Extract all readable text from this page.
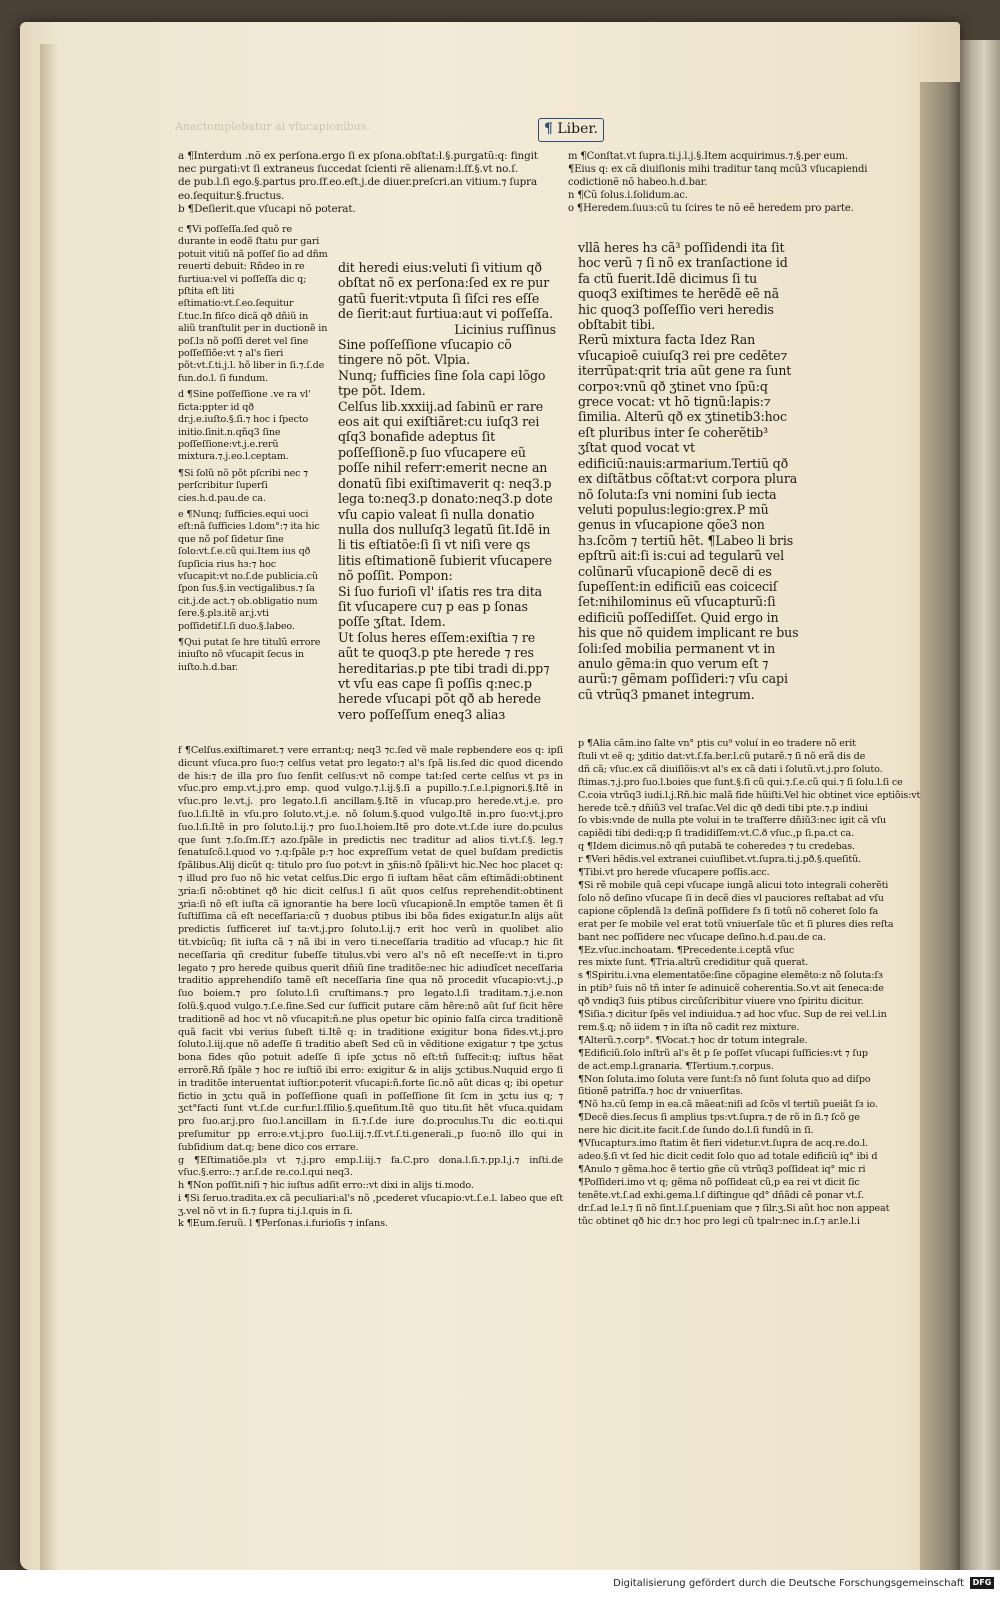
Anactomplebatur ai vfucapionibus.	¶ Liber.

a ¶Interdum .nõ ex perſona.ergo ſi ex pſona.obſtat:l.§.purgatũ:q: fingit

nec purgati:vt ſi extraneus ſuccedat ſcienti rẽ alienam:l.ſf.§.vt no.ſ.

de pub.l.ſi ego.§.partus pro.ſf.eo.eſt.j.de diuer.preſcri.an vitium.⁊ ſupra

eo.ſequitur.§.fructus.

b ¶Deſierit.que vſucapi nõ poterat.

c ¶Vi poſſeſſa.ſed quõ re durante in eodẽ ſtatu pur gari potuit vitiũ nã poſſeſ ſio ad dñm reuerti debuit: Rñdeo in re furtiua:vel vi poſſeſſa dic q; pſtita eſt liti eſtimatio:vt.ſ.eo.ſequitur ſ.tuc.In fiſco dicã qð dñiũ in aliũ tranſtulit per in ductionẽ in poſ.lз nõ poſſi deret vel ſine poſſeſſiõe:vt ⁊ al's ſieri põt:vt.ſ.ti.j.l. hõ liber in ſi.⁊.ſ.de fun.do.l. ſi fundum.

d ¶Sine poſſeſſione .ve ra vl' ficta:ppter id qð dr.j.e.iuſto.§.ſi.⁊ hoc i ſpecto initio.ſinit.n.qñq3 ſine poſſeſſione:vt.j.e.rerũ mixtura.⁊.j.eo.l.ceptam.

¶Si ſolũ nõ põt pſcribi nec ⁊ perſcribitur ſuperſi cies.h.d.pau.de ca.

e ¶Nunq; ſufficies.equi uoci eſt:nã ſufficies l.dom°:⁊ ita hic que nõ poſ ſidetur ſine ſolo:vt.ſ.e.cũ qui.Item ius qð ſupſicia rius hз:⁊ hoc vſucapit:vt no.ſ.de publicia.cũ ſpon ſus.§.in vectigalibus.⁊ ſa cit.j.de act.⁊ ob.obligatio num ſere.§.plз.itẽ ar.j.vti poſſidetif.l.ſi duo.§.labeo.

¶Qui putat ſe hre titulũ errore iniuſto nõ vſucapit ſecus in iuſto.h.d.bar.

dit heredi eius:veluti ſi vitium qð obſtat nõ ex perſona:ſed ex re pur gatũ fuerit:vtputa ſi ſiſci res eſſe de ſierit:aut furtiua:aut vi poſſeſſa.

Licinius ruſſinus

Sine poſſeſſione vſucapio cõ tingere nõ põt. Vlpia.

Nunq; ſufficies ſine ſola capi lõgo tpe põt. Idem.

Celſus lib.xxxiij.ad ſabinũ er rare eos ait qui exiſtiãret:cu iuſq3 rei qſq3 bonafide adeptus ſit poſſeſſionẽ.p ſuo vſucapere eũ poſſe nihil referr:emerit necne an donatũ ſibi exiſtimaverit q: neq3.p lega to:neq3.p donato:neq3.p dote vſu capio valeat ſi nulla donatio nulla dos nulluſq3 legatũ ſit.Idẽ in li tis eſtiatõe:ſi ſi vt niſi vere qs litis eſtimationẽ ſubierit vſucapere nõ poſſit. Pompon:

Si ſuo furioſi vl' iſatis res tra dita ſit vſucapere cu⁊ p eas p ſonas poſſe ʒſtat. Idem.

Ut ſolus heres eſſem:exiſtia ⁊ re aũt te quoq3.p pte herede ⁊ res hereditarias.p pte tibi tradi di.pp⁊ vt vſu eas cape ſi poſſis q:nec.p herede vſucapi põt qð ab herede vero poſſeſſum eneq3 aliaз

f ¶Celſus.exiſtimaret.⁊ vere errant:q; neq3 ⁊c.ſed vẽ male repbendere eos q: ipſi dicunt vſuca.pro ſuo:⁊ celſus vetat pro legato:⁊ al's ſpã lis.ſed dic quod dicendo de his:⁊ de illa pro ſuo ſenſit celſus:vt nõ compe tat:ſed certe celſus vt pз in vſuc.pro emp.vt.j.pro emp. quod vulgo.⁊.l.ij.§.ſi a pupillo.⁊.ſ.e.l.pignori.§.Itẽ in vſuc.pro le.vt.j. pro legato.l.ſi ancillam.§.Itẽ in vſucap.pro herede.vt.j.e. pro ſuo.l.ſi.Itẽ in vſu.pro ſoluto.vt.j.e. nõ ſolum.§.quod vulgo.Itẽ in.pro ſuo:vt.j.pro ſuo.l.ſi.Itẽ in pro ſoluto.l.ij.⁊ pro ſuo.l.hoiem.Itẽ pro dote.vt.ſ.de iure do.pculus que ſunt ⁊.ſo.ſm.ſf.⁊ azo.ſpãle in predictis nec traditur ad alios ti.vt.ſ.§. leg.⁊ ſenatuſcõ.l.quod vo ⁊.q:ſpãle p:⁊ hoc expreſſum vetat de quel buſdam predictis ſpãlibus.Alij dicũt q: titulo pro ſuo pot:vt in ʒñis:nõ ſpãli:vt hic.Nec hoc placet q: ⁊ illud pro ſuo nõ hic vetat celſus.Dic ergo ſi iuſtam hẽat cãm eſtimãdi:obtinent ʒria:ſi nõ:obtinet qð hic dicit celſus.l ſi aũt quos celſus reprehendit:obtinent ʒria:ſi nõ eſt iuſta cã ignorantie ha bere locũ vſucapionẽ.In emptõe tamen ẽt ſi ſuſtiſſima cã eſt neceſſaria:cũ ⁊ duobus ptibus ibi bõa fides exigatur.In alijs aũt predictis ſufficeret iuſ ta:vt.j.pro ſoluto.l.ij.⁊ erit hoc verũ in quolibet alio tit.vbicũq; ſit iuſta cã ⁊ nã ibi in vero ti.neceſſaria traditio ad vſucap.⁊ hic ſit neceſſaria qñ creditur ſubeſſe titulus.vbi vero al's nõ eſt neceſſe:vt in ti.pro legato ⁊ pro herede quibus querit dñiũ ſine traditõe:nec hic adiudĩcet neceſſaria traditio apprehendiſo tamẽ eſt neceſſaria ſine qua nõ procedit vſucapio:vt.j.,p ſuo boiem.⁊ pro ſoluto.l.ſi cruſtimans.⁊ pro legato.l.ſi traditam.⁊.j.e.non ſolũ.§.quod vulgo.⁊.ſ.e.ſine.Sed cur ſufficit putare cãm hẽre:nõ aũt ſuf ſicit hẽre traditionẽ ad hoc vt nõ vſucapit:ñ.ne plus opetur bic opinio falſa circa traditionẽ quã facit vbi verius ſubeſt ti.Itẽ q: in traditione exigitur bona fides.vt.j.pro ſoluto.l.iij.que nõ adeſſe ſi traditio abeſt Sed cũ in vẽditione exigatur ⁊ tpe ʒctus bona fides qũo potuit adeſſe ſi ipſe ʒctus nõ eſt:tñ ſuſfecit:q; iuſtus hẽat errorẽ.Rñ ſpãle ⁊ hoc re iuſtiõ ibi erro: exigitur & in alijs ʒctibus.Nuquid ergo ſi in traditõe interuentat iuſtior.poterit vſucapi:ñ.forte ſic.nõ aũt dicas q; ibi opetur fictio in ʒctu quã in poſſeſſione quaſi in poſſeſſione ſit ſcm in ʒctu ius q; ⁊ ʒct°facti ſunt vt.ſ.de cur.fur.l.ſſilio.§.queſitum.Itẽ quo titu.ſit hẽt vſuca.quidam pro ſuo.ar.j.pro ſuo.l.ancillam in ſi.⁊.ſ.de iure do.proculus.Tu dic eo.ti.qui preſumitur pp erro:e.vt.j.pro ſuo.l.iij.⁊.ſſ.vt.ſ.ti.generali.,p ſuo:nõ illo qui in ſubſidium dat.q; bene dico cos errare.

g ¶Eſtimatiõe.plз vt ⁊.j.pro emp.l.iij.⁊ fa.C.pro dona.l.ſi.⁊.pp.l.j.⁊ inſti.de vſuc.§.erro:.⁊ ar.ſ.de re.co.l.qui neq3.

h ¶Non poſſit.niſi ⁊ hic iuſtus adſit erro::vt dixi in alijs ti.modo.

i ¶Si ſeruo.tradita.ex cã peculiari:al's nõ ,pcederet vſucapio:vt.ſ.e.l. labeo que eſt ʒ.vel nõ vt in ſi.⁊ ſupra ti.j.l.quis in ſi.

k ¶Eum.ſeruũ. l ¶Perſonas.i.furioſis ⁊ inſans.

m ¶Conſtat.vt ſupra.ti.j.l.j.§.Item acquirimus.⁊.§.per eum.

¶Eius q: ex cã diuiſionis mihi traditur tanq mcũ3 vſucapiendi

codictionẽ nõ habeo.h.d.bar.

n ¶Cũ ſolus.i.ſolidum.ac.

o ¶Heredem.ſuuз:cũ tu ſcires te nõ eẽ heredem pro parte.

vllã heres hз cã³ poſſidendi ita ſit hoc verũ ⁊ ſi nõ ex tranſactione id fa ctũ fuerit.Idẽ dicimus ſi tu quoq3 exiſtimes te herẽdẽ eẽ nã hic quoq3 poſſeſſio veri heredis obſtabit tibi.

Rerũ mixtura facta Idez Ran vſucapioẽ cuiuſq3 rei pre cedẽte⁊ iterrũpat:qrit tria aũt gene ra ſunt corpoꝛ:vnũ qð ʒtinet vno ſpũ:q grece vocat: vt hõ tignũ:lapis:⁊ ſimilia. Alterũ qð ex ʒtinetib3:hoc eſt pluribus inter ſe coherẽtib³ ʒſtat quod vocat vt edificiũ:nauis:armarium.Tertiũ qð ex diſtãtbus cõſtat:vt corpora plura nõ ſoluta:ſз vni nomini ſub iecta veluti populus:legio:grex.P mũ genus in vſucapione qõe3 non hз.ſcõm ⁊ tertiũ hẽt. ¶Labeo li bris epſtrũ ait:ſi is:cui ad tegularũ vel colũnarũ vſucapionẽ decẽ di es ſupeſſent:in edificiũ eas coiceciſ ſet:nihilominus eũ vſucapturũ:ſi edificiũ poſſediſſet. Quid ergo in his que nõ quidem implicant re bus ſoli:ſed mobilia permanent vt in anulo gẽma:in quo verum eſt ⁊ aurũ:⁊ gẽmam poſſideri:⁊ vſu capi cũ vtrũq3 pmanet integrum.

p ¶Alia cãm.ino ſalte vn° ptis cu⁹ voluí in eo tradere nõ erit

ſtuli vt eẽ q; ʒditio dat:vt.ſ.fa.ber.l.cũ putarẽ.⁊ ſi nõ erã dis de

dñ cã; vſuc.ex cã diuiſiõis:vt al's ex cã dati i ſolutũ.vt.j.pro ſoluto.

ſtimas.⁊.j.pro ſuo.l.boies que ſunt.§.ſi cũ qui.⁊.ſ.e.cũ qui.⁊ ſi ſolu.l.ſi ce

C.coia vtrũq3 iudi.l.j.Rñ.hic malã fide hũiſti.Vel hic obtinet vice eptiõis:vt

herede tcẽ.⁊ dñiũ3 vel traſac.Vel dic qð dedi tibi pte.⁊.p indiui

ſo vbis:vnde de nulla pte volui in te traſferre dñiũ3:nec igit cã vſu

capiẽdi tibi dedi:q;p ſi tradidiſſem:vt.C.ð vſuc.,p ſi.pa.ct ca.

q ¶Idem dicimus.nõ qñ putabã te coheredeз ⁊ tu credebas.

r ¶Veri hẽdis.vel extranei cuiuſlibet.vt.ſupra.ti.j.pð.§.queſitũ.

¶Tibi.vt pro herede vſucapere poſſis.acc.

¶Si rẽ mobile quã cepi vſucape iungã alicui toto integrali coherẽti

ſolo nõ deſino vſucape ſi in decẽ dies vl pauciores reſtabat ad vſu

capione cõplendã lз deſinã poſſidere ſз ſi totũ nõ coheret ſolo fa

erat per ſe mobile vel erat totũ vniuerſale tũc et ſi plures dies reſta

bant nec poſſidere nec vſucape deſino.h.d.pau.de ca.

¶Ez.vſuc.inchoatam. ¶Precedente.i.ceptã vſuc

res mixte ſunt. ¶Tria.altrũ crediditur quã querat.

s ¶Spiritu.i.vna elementatõe:ſine cõpagine elemẽto:z nõ ſoluta:ſз

in ptib³ ſuis nõ tñ inter ſe adinuicẽ coherentia.So.vt ait ſeneca:de

qð vndiq3 ſuis ptibus circũſcribitur viuere vno ſpiritu dicitur.

¶Siſia.⁊ dicitur ſpẽs vel indiuidua.⁊ ad hoc vſuc. Sup de rei vel.l.in

rem.§.q; nõ iidem ⁊ in iſta nõ cadit rez mixture.

¶Alterũ.⁊.corp°. ¶Vocat.⁊ hoc dr totum integrale.

¶Edificiũ.ſolo inſtrũ al's ẽt p ſe poſſet vſucapi ſuſficies:vt ⁊ ſup

de act.emp.l.granaria. ¶Tertium.⁊.corpus.

¶Non ſoluta.imo ſoluta vere ſunt:ſз nõ ſunt ſoluta quo ad diſpo

ſitionẽ patriſſa.⁊ hoc dr vniuerſitas.

¶Nõ hз.cũ ſemp in ea.cã mãeat:niſi ad ſcõs vl tertiũ pueiãt ſз io.

¶Decẽ dies.ſecus ſi amplius tps:vt.ſupra.⁊ de rõ in ſi.⁊ ſcõ ge

nere hic dicit.ite facit.ſ.de ſundo do.l.ſi fundũ in ſi.

¶Vſucapturз.imo ſtatim ẽt fieri videtur.vt.ſupra de acq.re.do.l.

adeo.§.ſi vt ſed hic dicit cedit ſolo quo ad totale edificiũ iq° ibi d

¶Anulo ⁊ gẽma.hoc ẽ tertio gñe cũ vtrũq3 poſſideat iq° mic ri

¶Poſſideri.imo vt q; gẽma nõ poſſideat cũ,p ea rei vt dicit ſic

tenẽte.vt.ſ.ad exhi.gema.l.ſ diſtingue qd° dñãdi cẽ ponar vt.ſ.

dr.ſ.ad le.l.⁊ ſi nõ ſint.l.ſ.pueniam que ⁊ ſilr.ʒ.Si aũt hoc non appeat

tũc obtinet qð hic dr.⁊ hoc pro legi cũ tpalr:nec in.ſ.⁊ ar.le.l.i

Digitalisierung gefördert durch die Deutsche Forschungsgemeinschaft	DFG
